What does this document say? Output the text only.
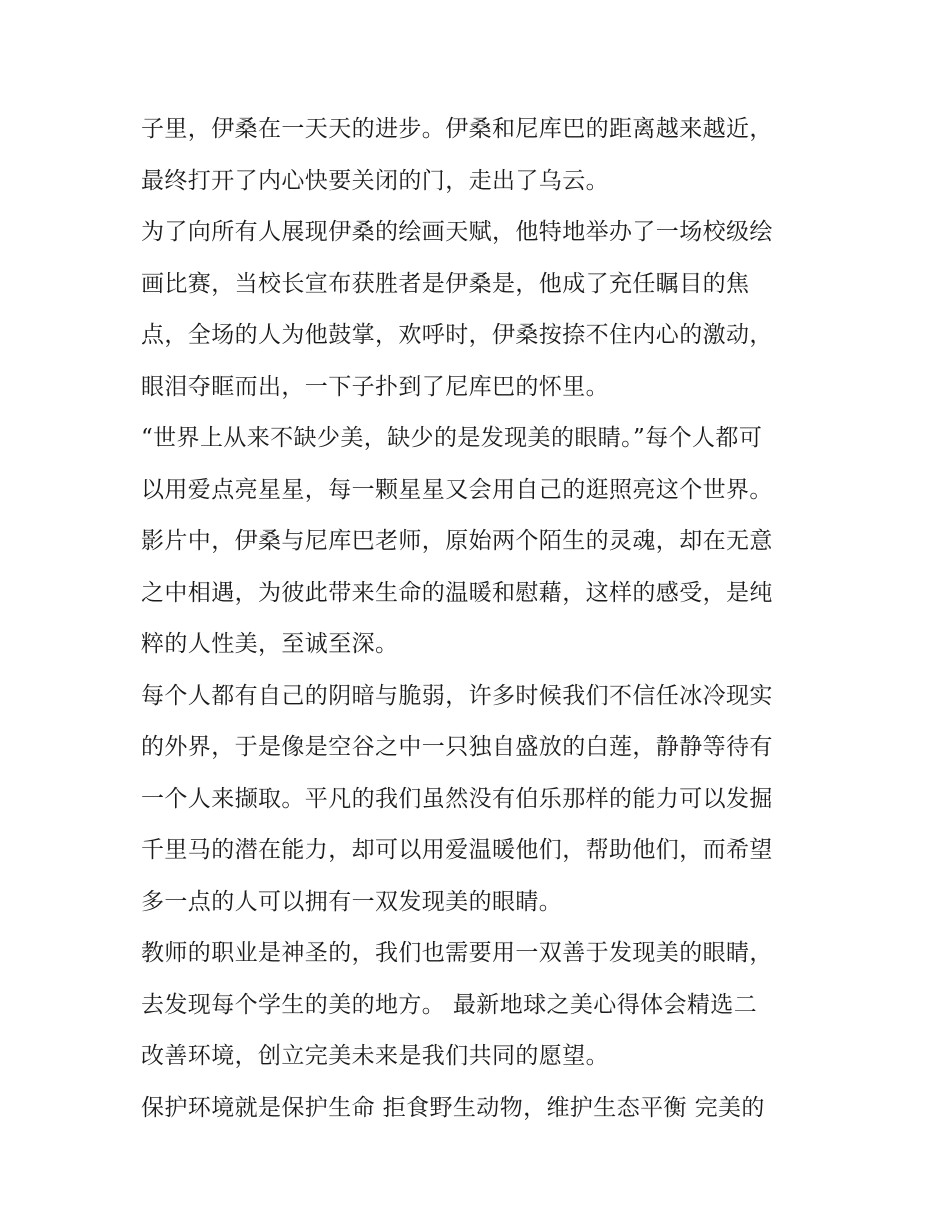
子里，伊桑在一天天的进步。伊桑和尼库巴的距离越来越近，
最终打开了内心快要关闭的门，走出了乌云。
为了向所有人展现伊桑的绘画天赋，他特地举办了一场校级绘
画比赛，当校长宣布获胜者是伊桑是，他成了充任瞩目的焦
点，全场的人为他鼓掌，欢呼时，伊桑按捺不住内心的激动，
眼泪夺眶而出，一下子扑到了尼库巴的怀里。
“世界上从来不缺少美，缺少的是发现美的眼睛。”每个人都可
以用爱点亮星星，每一颗星星又会用自己的逛照亮这个世界。
影片中，伊桑与尼库巴老师，原始两个陌生的灵魂，却在无意
之中相遇，为彼此带来生命的温暖和慰藉，这样的感受，是纯
粹的人性美，至诚至深。
每个人都有自己的阴暗与脆弱，许多时候我们不信任冰冷现实
的外界，于是像是空谷之中一只独自盛放的白莲，静静等待有
一个人来撷取。平凡的我们虽然没有伯乐那样的能力可以发掘
千里马的潜在能力，却可以用爱温暖他们，帮助他们，而希望
多一点的人可以拥有一双发现美的眼睛。
教师的职业是神圣的，我们也需要用一双善于发现美的眼睛，
去发现每个学生的美的地方。 最新地球之美心得体会精选二
改善环境，创立完美未来是我们共同的愿望。
保护环境就是保护生命 拒食野生动物，维护生态平衡 完美的
